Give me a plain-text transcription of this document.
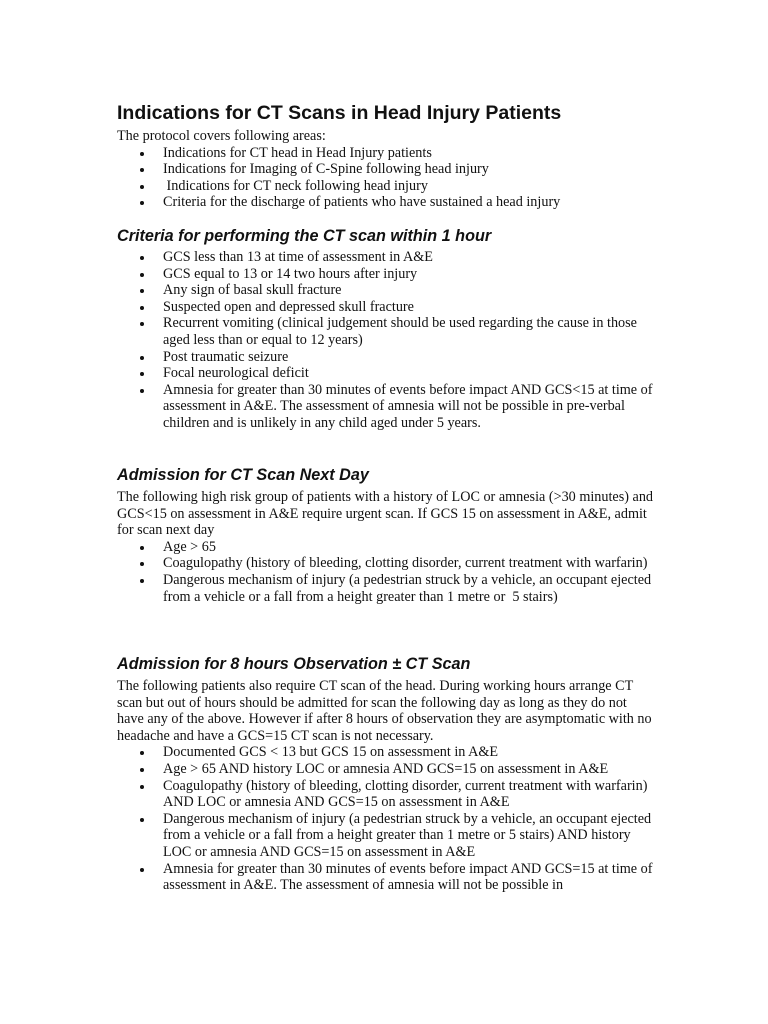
Indications for CT Scans in Head Injury Patients

The protocol covers following areas:

Indications for CT head in Head Injury patients
Indications for Imaging of C-Spine following head injury
Indications for CT neck following head injury
Criteria for the discharge of patients who have sustained a head injury
Criteria for performing the CT scan within 1 hour
GCS less than 13 at time of assessment in A&E
GCS equal to 13 or 14 two hours after injury
Any sign of basal skull fracture
Suspected open and depressed skull fracture
Recurrent vomiting (clinical judgement should be used regarding the cause in those aged less than or equal to 12 years)
Post traumatic seizure
Focal neurological deficit
Amnesia for greater than 30 minutes of events before impact AND GCS<15 at time of assessment in A&E. The assessment of amnesia will not be possible in pre-verbal children and is unlikely in any child aged under 5 years.
Admission for CT Scan Next Day

The following high risk group of patients with a history of LOC or amnesia (>30 minutes) and GCS<15 on assessment in A&E require urgent scan. If GCS 15 on assessment in A&E, admit for scan next day

Age > 65
Coagulopathy (history of bleeding, clotting disorder, current treatment with warfarin)
Dangerous mechanism of injury (a pedestrian struck by a vehicle, an occupant ejected from a vehicle or a fall from a height greater than 1 metre or  5 stairs)
Admission for 8 hours Observation ± CT Scan

The following patients also require CT scan of the head. During working hours arrange CT scan but out of hours should be admitted for scan the following day as long as they do not have any of the above. However if after 8 hours of observation they are asymptomatic with no headache and have a GCS=15 CT scan is not necessary.

Documented GCS < 13 but GCS 15 on assessment in A&E
Age > 65 AND history LOC or amnesia AND GCS=15 on assessment in A&E
Coagulopathy (history of bleeding, clotting disorder, current treatment with warfarin) AND LOC or amnesia AND GCS=15 on assessment in A&E
Dangerous mechanism of injury (a pedestrian struck by a vehicle, an occupant ejected from a vehicle or a fall from a height greater than 1 metre or 5 stairs) AND history LOC or amnesia AND GCS=15 on assessment in A&E
Amnesia for greater than 30 minutes of events before impact AND GCS=15 at time of assessment in A&E. The assessment of amnesia will not be possible in
